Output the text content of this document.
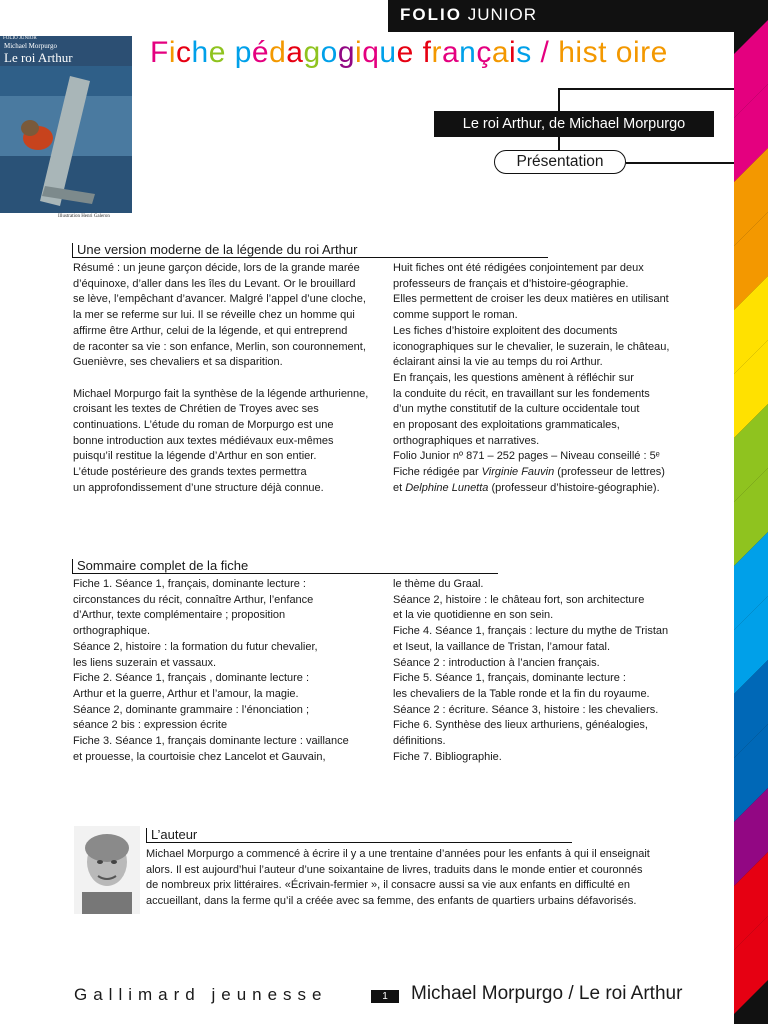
FOLIO JUNIOR
FOLIO JUNIOR
Michael Morpurgo
Le roi Arthur
Illustration Henri Galeron
Fiche pédagogique français / hist oire
Le roi Arthur, de Michael Morpurgo
Présentation
Une version moderne de la légende du roi Arthur

Résumé : un jeune garçon décide, lors de la grande marée

d’équinoxe, d’aller dans les îles du Levant. Or le brouillard

se lève, l’empêchant d’avancer. Malgré l’appel d’une cloche,

la mer se referme sur lui. Il se réveille chez un homme qui

affirme être Arthur, celui de la légende, et qui entreprend

de raconter sa vie : son enfance, Merlin, son couronnement,

Guenièvre, ses chevaliers et sa disparition.

Michael Morpurgo fait la synthèse de la légende arthurienne,

croisant les textes de Chrétien de Troyes avec ses

continuations. L’étude du roman de Morpurgo est une

bonne introduction aux textes médiévaux eux-mêmes

puisqu’il restitue la légende d’Arthur en son entier.

L’étude postérieure des grands textes permettra

un approfondissement d’une structure déjà connue.

Huit fiches ont été rédigées conjointement par deux

professeurs de français et d’histoire-géographie.

Elles permettent de croiser les deux matières en utilisant

comme support le roman.

Les fiches d’histoire exploitent des documents

iconographiques sur le chevalier, le suzerain, le château,

éclairant ainsi la vie au temps du roi Arthur.

En français, les questions amènent à réfléchir sur

la conduite du récit, en travaillant sur les fondements

d’un mythe constitutif de la culture occidentale tout

en proposant des exploitations grammaticales,

orthographiques et narratives.

Folio Junior nº 871 – 252 pages – Niveau conseillé : 5ᵉ

Fiche rédigée par Virginie Fauvin (professeur de lettres)

et Delphine Lunetta (professeur d’histoire-géographie).

Sommaire complet de la fiche

Fiche 1. Séance 1, français, dominante lecture :

circonstances du récit, connaître Arthur, l’enfance

d’Arthur, texte complémentaire ; proposition

orthographique.

Séance 2, histoire : la formation du futur chevalier,

les liens suzerain et vassaux.

Fiche 2. Séance 1, français , dominante lecture :

Arthur et la guerre, Arthur et l’amour, la magie.

Séance 2, dominante grammaire : l’énonciation ;

séance 2 bis : expression écrite

Fiche 3. Séance 1, français dominante lecture : vaillance

et prouesse, la courtoisie chez Lancelot et Gauvain,

le thème du Graal.

Séance 2, histoire : le château fort, son architecture

et la vie quotidienne en son sein.

Fiche 4. Séance 1, français : lecture du mythe de Tristan

et Iseut, la vaillance de Tristan, l’amour fatal.

Séance 2 : introduction à l’ancien français.

Fiche 5. Séance 1, français, dominante lecture :

les chevaliers de la Table ronde et la fin du royaume.

Séance 2 : écriture. Séance 3, histoire : les chevaliers.

Fiche 6. Synthèse des lieux arthuriens, généalogies,

définitions.

Fiche 7. Bibliographie.

L’auteur

Michael Morpurgo a commencé à écrire il y a une trentaine d’années pour les enfants à qui il enseignait

alors. Il est aujourd’hui l’auteur d’une soixantaine de livres, traduits dans le monde entier et couronnés

de nombreux prix littéraires. «Écrivain-fermier », il consacre aussi sa vie aux enfants en difficulté en

accueillant, dans la ferme qu’il a créée avec sa femme, des enfants de quartiers urbains défavorisés.

Gallimard jeunesse	1	Michael Morpurgo / Le roi Arthur
